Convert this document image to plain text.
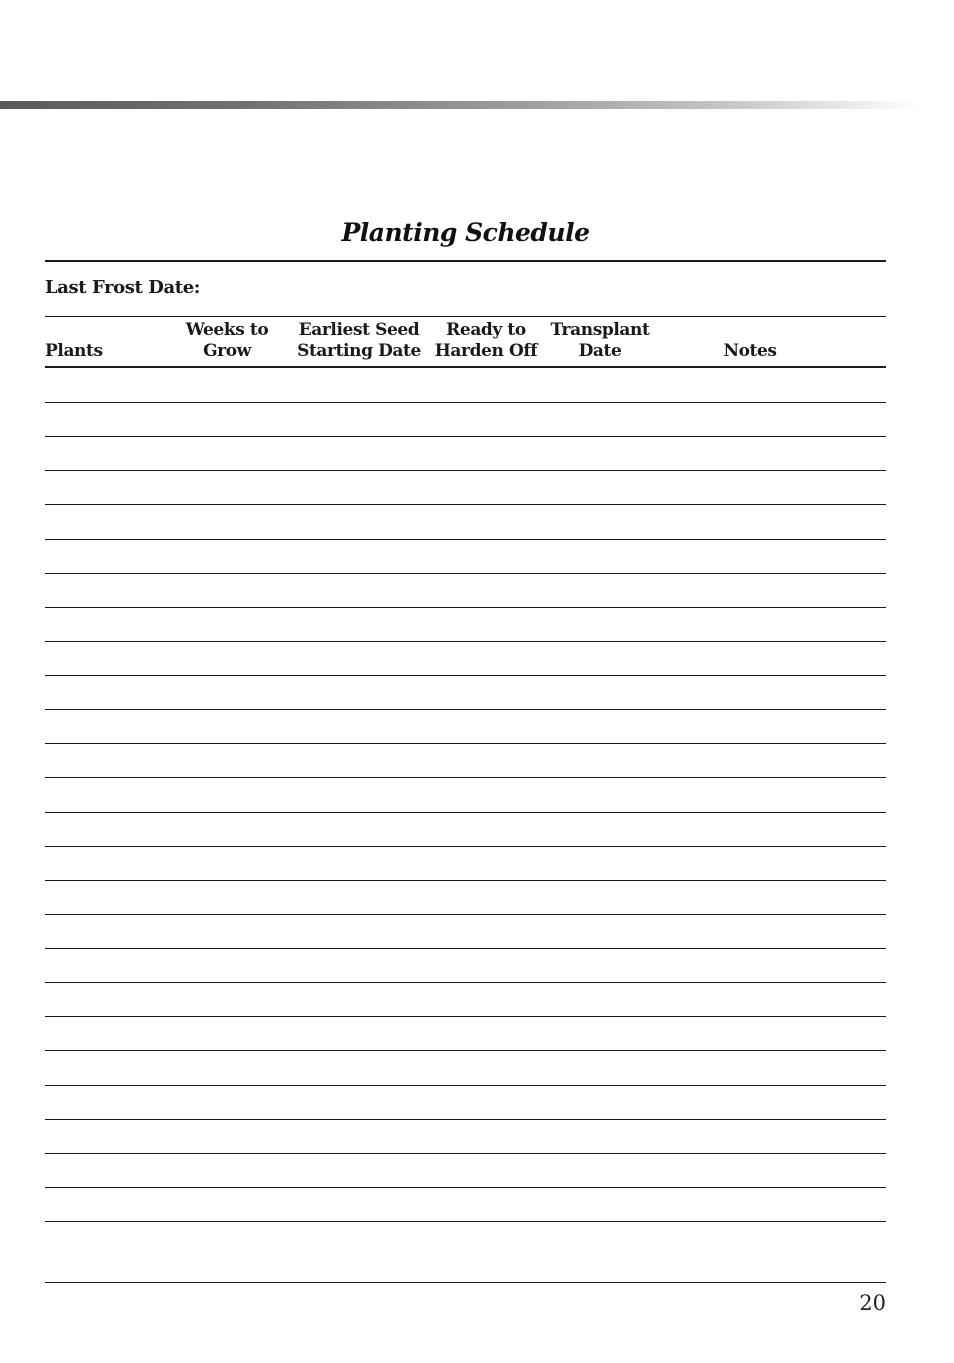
Planting Schedule
Last Frost Date:
Plants
Weeks to
Grow
Earliest Seed
Starting Date
Ready to
Harden Off
Transplant
Date	Notes
20
